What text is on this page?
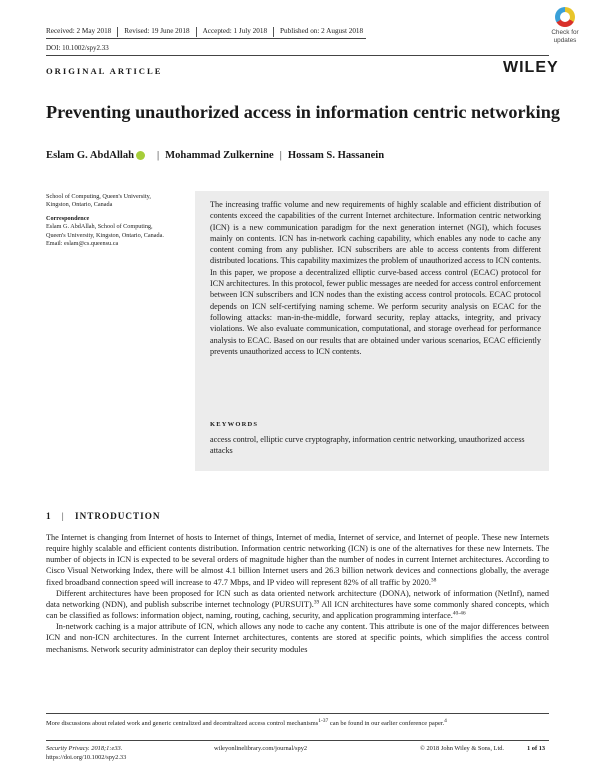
Received: 2 May 2018 Revised: 19 June 2018 Accepted: 1 July 2018 Published on: 2 August 2018
DOI: 10.1002/spy2.33
ORIGINAL ARTICLE	WILEY
Check for
updates
Preventing unauthorized access in information centric networking
Eslam G. AbdAllah | Mohammad Zulkernine | Hossam S. Hassanein
School of Computing, Queen's University,
Kingston, Ontario, Canada
Correspondence
Eslam G. AbdAllah, School of Computing,
Queen's University, Kingston, Ontario, Canada.
Email: eslam@cs.queensu.ca
The increasing traffic volume and new requirements of highly scalable and efficient distribution of contents exceed the capabilities of the current Internet architecture. Information centric networking (ICN) is a new communication paradigm for the next generation internet (NGI), which focuses mainly on contents. ICN has in-network caching capability, which enables any node to cache any content coming from any publisher. ICN subscribers are able to access contents from different distributed locations. This capability maximizes the problem of unauthorized access to ICN contents. In this paper, we propose a decentralized elliptic curve-based access control (ECAC) protocol for ICN architectures. In this protocol, fewer public messages are needed for access control enforcement between ICN subscribers and ICN nodes than the existing access control protocols. ECAC protocol depends on ICN self-certifying naming scheme. We perform security analysis on ECAC for the following attacks: man-in-the-middle, forward security, replay attacks, integrity, and privacy violations. We also evaluate communication, computational, and storage overhead for performance analysis to ECAC. Based on our results that are obtained under various scenarios, ECAC efficiently prevents unauthorized access to ICN contents.
KEYWORDS
access control, elliptic curve cryptography, information centric networking, unauthorized access attacks
1 | INTRODUCTION

The Internet is changing from Internet of hosts to Internet of things, Internet of media, Internet of service, and Internet of people. These new Internets require highly scalable and efficient contents distribution. Information centric networking (ICN) is one of the alternatives for these new Internets. The number of objects in ICN is expected to be several orders of magnitude higher than the number of nodes in current Internet architectures. According to Cisco Visual Networking Index, there will be almost 4.1 billion Internet users and 26.3 billion network devices and connections globally, the average fixed broadband connection speed will increase to 47.7 Mbps, and IP video will represent 82% of all traffic by 2020.38

Different architectures have been proposed for ICN such as data oriented network architecture (DONA), network of information (NetInf), named data networking (NDN), and publish subscribe internet technology (PURSUIT).$^{39}$ All ICN architectures have some commonly shared concepts, which can be classified as follows: information object, naming, routing, caching, security, and application programming interface.$^{40-46}$

In-network caching is a major attribute of ICN, which allows any node to cache any content. This attribute is one of the major differences between ICN and non-ICN architectures. In the current Internet architectures, contents are stored at specific points, which simplifies the access control mechanisms. Network security administrator can deploy their security modules

More discussions about related work and generic centralized and decentralized access control mechanisms$^{1-37}$ can be found in our earlier conference paper.$^4$
Security Privacy. 2018;1:e33.
https://doi.org/10.1002/spy2.33
wileyonlinelibrary.com/journal/spy2	© 2018 John Wiley & Sons, Ltd.	1 of 13
